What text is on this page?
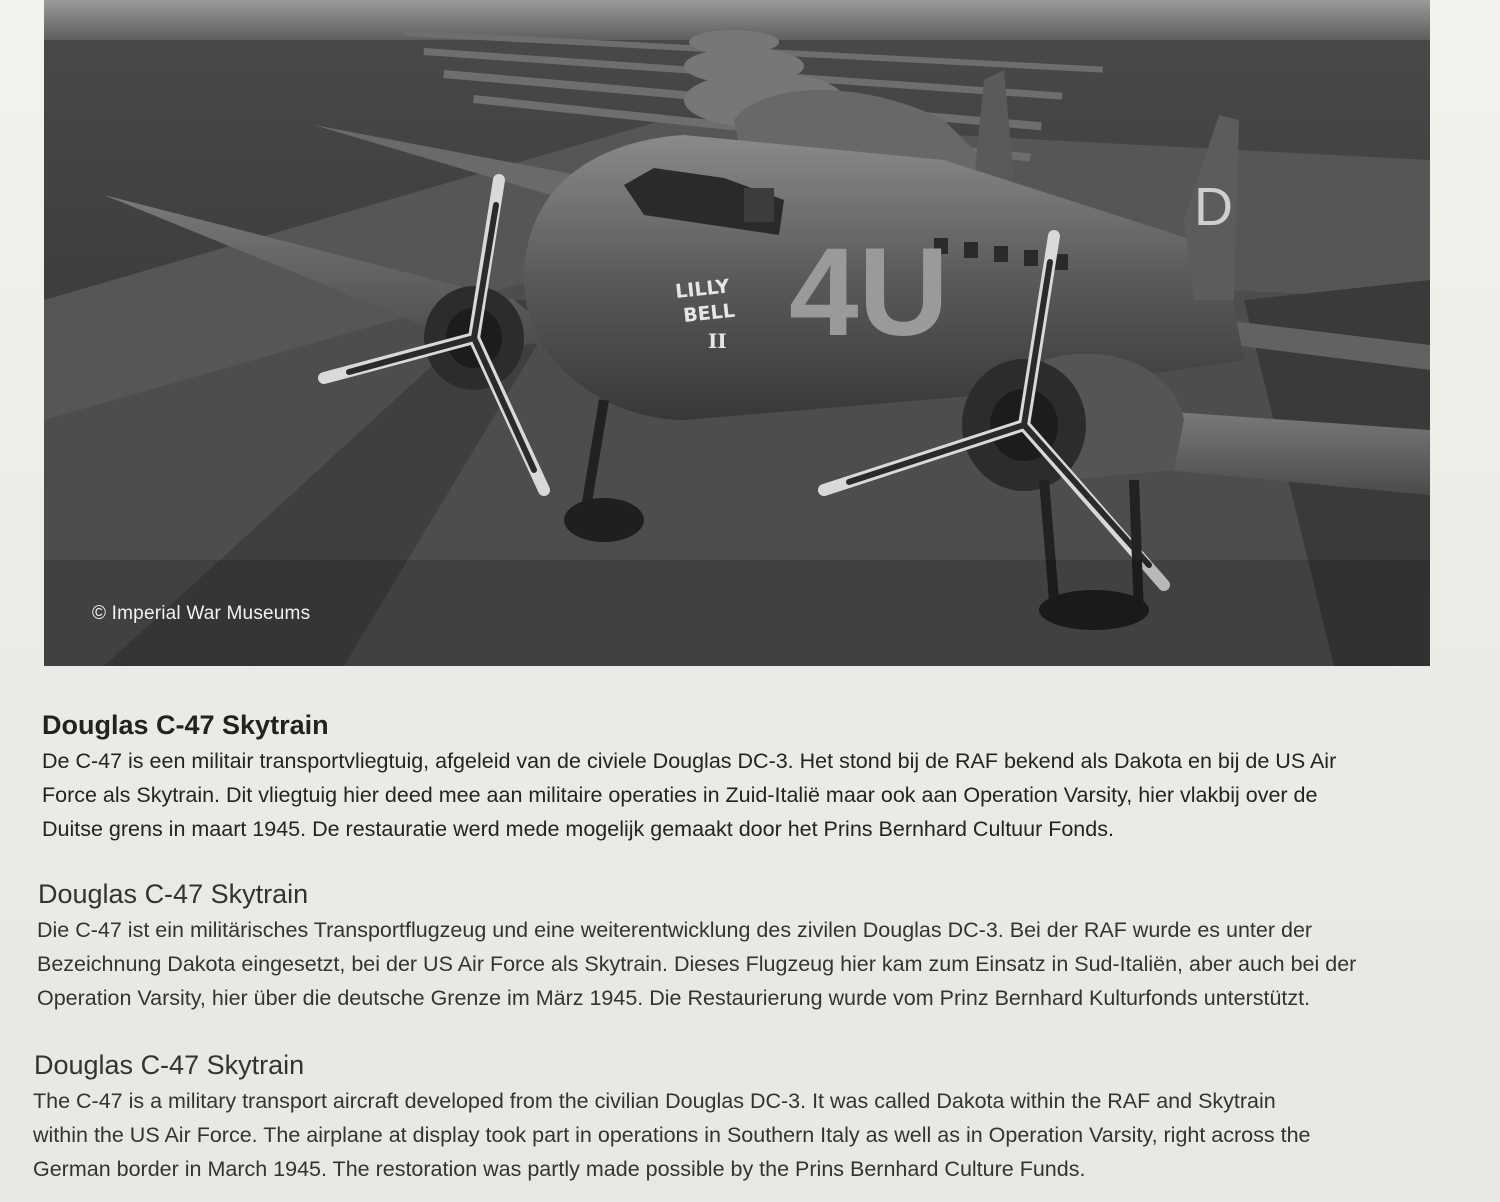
D
4U
LILLY
BELL
II
© Imperial War Museums
Douglas C-47 Skytrain

De C-47 is een militair transportvliegtuig, afgeleid van de civiele Douglas DC-3. Het stond bij de RAF bekend als Dakota en bij de US Air
Force als Skytrain. Dit vliegtuig hier deed mee aan militaire operaties in Zuid-Italië maar ook aan Operation Varsity, hier vlakbij over de
Duitse grens in maart 1945. De restauratie werd mede mogelijk gemaakt door het Prins Bernhard Cultuur Fonds.

Douglas C-47 Skytrain

Die C-47 ist ein militärisches Transportflugzeug und eine weiterentwicklung des zivilen Douglas DC-3. Bei der RAF wurde es unter der
Bezeichnung Dakota eingesetzt, bei der US Air Force als Skytrain. Dieses Flugzeug hier kam zum Einsatz in Sud-Italiën, aber auch bei der
Operation Varsity, hier über die deutsche Grenze im März 1945. Die Restaurierung wurde vom Prinz Bernhard Kulturfonds unterstützt.

Douglas C-47 Skytrain

The C-47 is a military transport aircraft developed from the civilian Douglas DC-3. It was called Dakota within the RAF and Skytrain
within the US Air Force. The airplane at display took part in operations in Southern Italy as well as in Operation Varsity, right across the
German border in March 1945. The restoration was partly made possible by the Prins Bernhard Culture Funds.
